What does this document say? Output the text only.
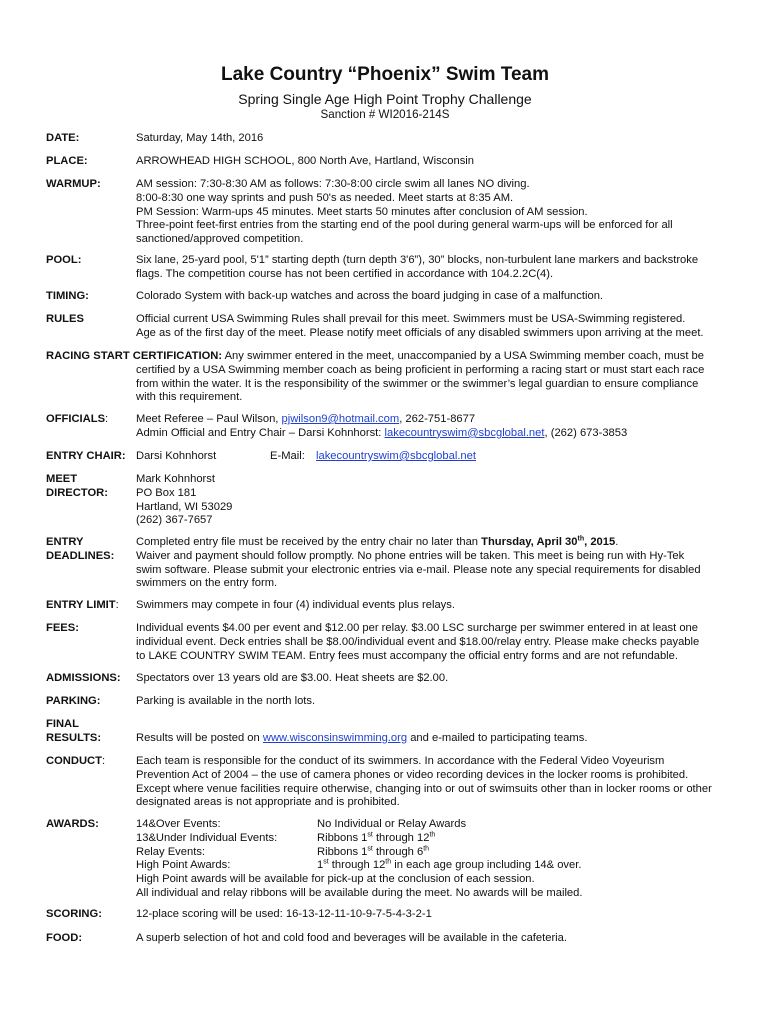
Lake Country “Phoenix” Swim Team
Spring Single Age High Point Trophy Challenge
Sanction # WI2016-214S
DATE:	Saturday, May 14th, 2016
PLACE:	ARROWHEAD HIGH SCHOOL, 800 North Ave, Hartland, Wisconsin
WARMUP:	AM session: 7:30-8:30 AM as follows: 7:30-8:00 circle swim all lanes NO diving.
8:00-8:30 one way sprints and push 50's as needed. Meet starts at 8:35 AM.
PM Session: Warm-ups 45 minutes. Meet starts 50 minutes after conclusion of AM session.
Three-point feet-first entries from the starting end of the pool during general warm-ups will be enforced for all
sanctioned/approved competition.
POOL:	Six lane, 25-yard pool, 5'1” starting depth (turn depth 3'6”), 30” blocks, non-turbulent lane markers and backstroke
flags. The competition course has not been certified in accordance with 104.2.2C(4).
TIMING:	Colorado System with back-up watches and across the board judging in case of a malfunction.
RULES	Official current USA Swimming Rules shall prevail for this meet. Swimmers must be USA-Swimming registered.
Age as of the first day of the meet. Please notify meet officials of any disabled swimmers upon arriving at the meet.
RACING START CERTIFICATION: Any swimmer entered in the meet, unaccompanied by a USA Swimming member coach, must be
certified by a USA Swimming member coach as being proficient in performing a racing start or must start each race
from within the water. It is the responsibility of the swimmer or the swimmer’s legal guardian to ensure compliance
with this requirement.
OFFICIALS:	Meet Referee – Paul Wilson, pjwilson9@hotmail.com, 262-751-8677
Admin Official and Entry Chair – Darsi Kohnhorst: lakecountryswim@sbcglobal.net, (262) 673-3853
ENTRY CHAIR: Darsi Kohnhorst	E-Mail: lakecountryswim@sbcglobal.net
MEET
DIRECTOR:
Mark Kohnhorst
PO Box 181
Hartland, WI 53029
(262) 367-7657
ENTRY
DEADLINES:
Completed entry file must be received by the entry chair no later than Thursday, April 30th, 2015.
Waiver and payment should follow promptly. No phone entries will be taken. This meet is being run with Hy-Tek
swim software. Please submit your electronic entries via e-mail. Please note any special requirements for disabled
swimmers on the entry form.
ENTRY LIMIT:	Swimmers may compete in four (4) individual events plus relays.
FEES:	Individual events $4.00 per event and $12.00 per relay. $3.00 LSC surcharge per swimmer entered in at least one
individual event. Deck entries shall be $8.00/individual event and $18.00/relay entry. Please make checks payable
to LAKE COUNTRY SWIM TEAM. Entry fees must accompany the official entry forms and are not refundable.
ADMISSIONS:	Spectators over 13 years old are $3.00. Heat sheets are $2.00.
PARKING:	Parking is available in the north lots.
FINAL
RESULTS:	Results will be posted on www.wisconsinswimming.org and e-mailed to participating teams.
CONDUCT:	Each team is responsible for the conduct of its swimmers. In accordance with the Federal Video Voyeurism
Prevention Act of 2004 – the use of camera phones or video recording devices in the locker rooms is prohibited.
Except where venue facilities require otherwise, changing into or out of swimsuits other than in locker rooms or other
designated areas is not appropriate and is prohibited.
AWARDS:	14&Over Events:	No Individual or Relay Awards
13&Under Individual Events:	Ribbons 1st through 12th
Relay Events:	Ribbons 1st through 6th
High Point Awards:	1st through 12th in each age group including 14& over.
High Point awards will be available for pick-up at the conclusion of each session.
All individual and relay ribbons will be available during the meet. No awards will be mailed.
SCORING:	12-place scoring will be used: 16-13-12-11-10-9-7-5-4-3-2-1
FOOD:	A superb selection of hot and cold food and beverages will be available in the cafeteria.
